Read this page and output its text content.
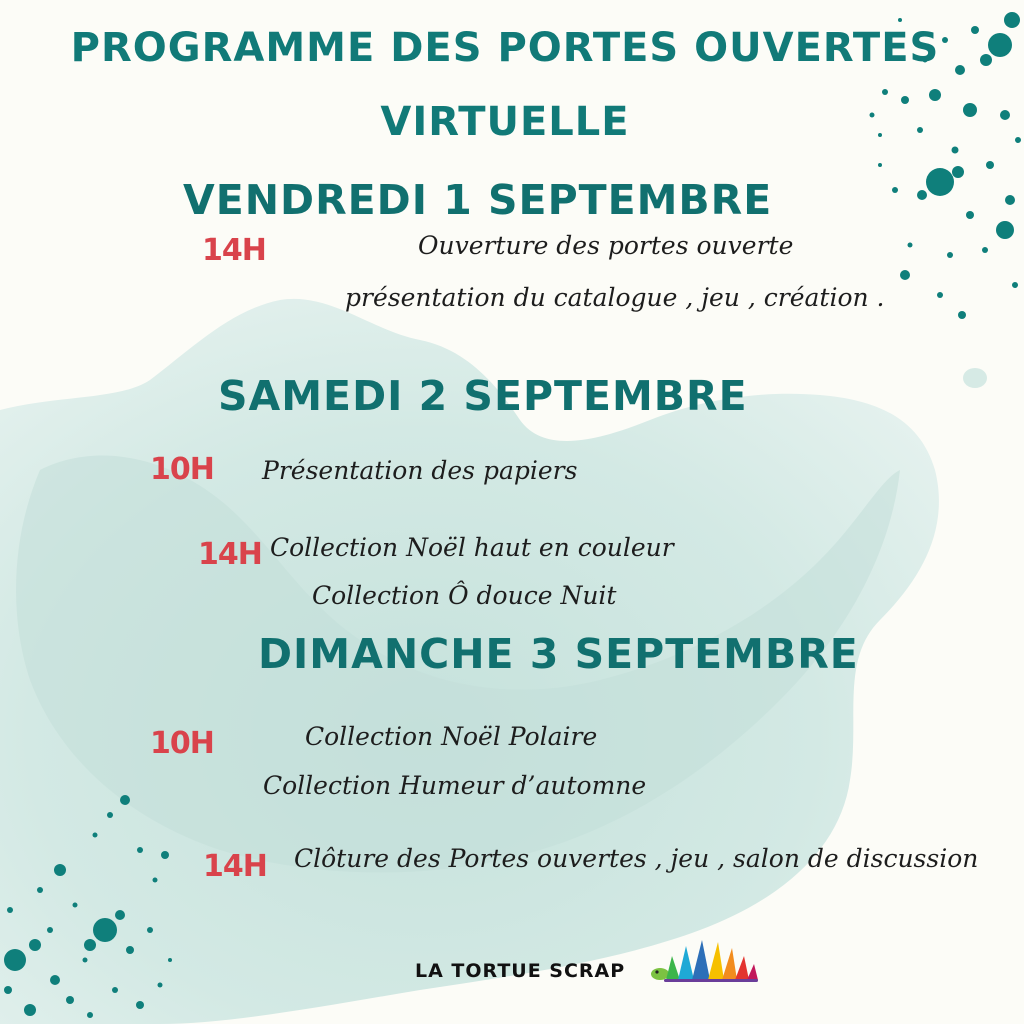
PROGRAMME DES PORTES OUVERTES
VIRTUELLE
VENDREDI 1 SEPTEMBRE
14H	Ouverture des portes ouverte
présentation du catalogue , jeu , création .
SAMEDI 2 SEPTEMBRE
10H Présentation des papiers
14H Collection Noël haut en couleur
Collection Ô douce Nuit
DIMANCHE 3 SEPTEMBRE
10H	Collection Noël Polaire
Collection Humeur d’automne
14H Clôture des Portes ouvertes , jeu , salon de discussion
LA TORTUE SCRAP
